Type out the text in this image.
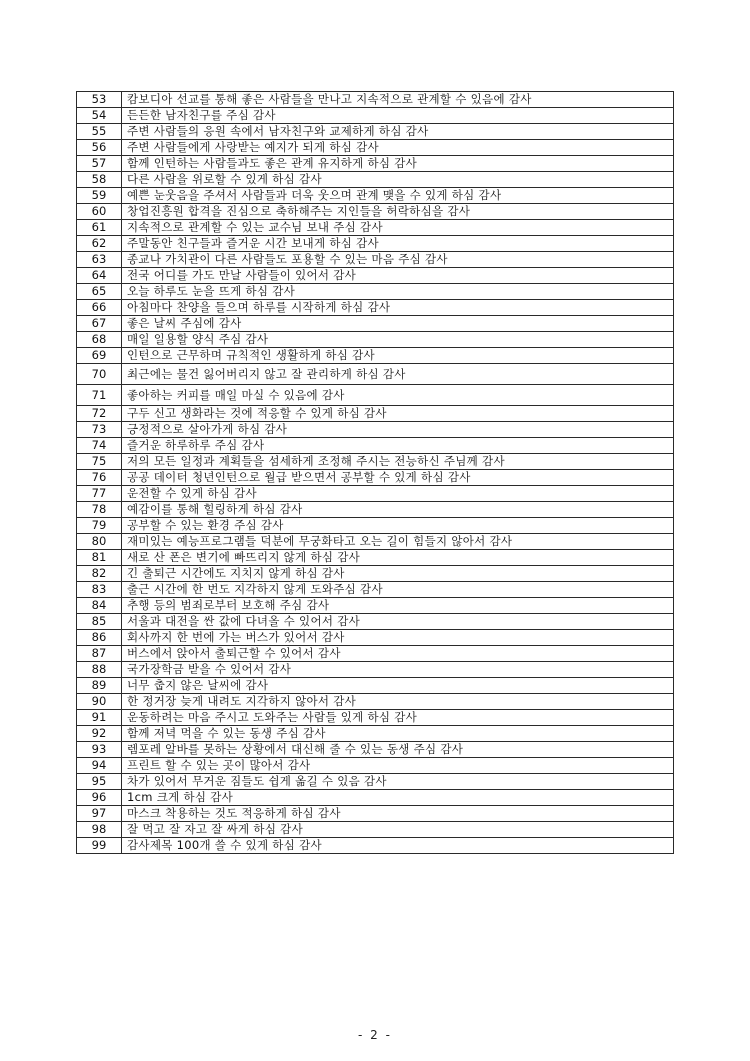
53	캄보디아 선교를 통해 좋은 사람들을 만나고 지속적으로 관계할 수 있음에 감사
54	든든한 남자친구를 주심 감사
55	주변 사람들의 응원 속에서 남자친구와 교제하게 하심 감사
56	주변 사람들에게 사랑받는 예지가 되게 하심 감사
57	함께 인턴하는 사람들과도 좋은 관계 유지하게 하심 감사
58	다른 사람을 위로할 수 있게 하심 감사
59	예쁜 눈웃음을 주셔서 사람들과 더욱 웃으며 관계 맺을 수 있게 하심 감사
60	창업진흥원 합격을 진심으로 축하해주는 지인들을 허락하심을 감사
61	지속적으로 관계할 수 있는 교수님 보내 주심 감사
62	주말동안 친구들과 즐거운 시간 보내게 하심 감사
63	종교나 가치관이 다른 사람들도 포용할 수 있는 마음 주심 감사
64	전국 어디를 가도 만날 사람들이 있어서 감사
65	오늘 하루도 눈을 뜨게 하심 감사
66	아침마다 찬양을 들으며 하루를 시작하게 하심 감사
67	좋은 날씨 주심에 감사
68	매일 일용할 양식 주심 감사
69	인턴으로 근무하며 규칙적인 생활하게 하심 감사
70	최근에는 물건 잃어버리지 않고 잘 관리하게 하심 감사
71	좋아하는 커피를 매일 마실 수 있음에 감사
72	구두 신고 생화라는 것에 적응할 수 있게 하심 감사
73	긍정적으로 살아가게 하심 감사
74	즐거운 하루하루 주심 감사
75	저의 모든 일정과 계획들을 섬세하게 조정해 주시는 전능하신 주님께 감사
76	공공 데이터 청년인턴으로 월급 받으면서 공부할 수 있게 하심 감사
77	운전할 수 있게 하심 감사
78	예감이를 통해 힐링하게 하심 감사
79	공부할 수 있는 환경 주심 감사
80	재미있는 예능프로그램들 덕분에 무궁화타고 오는 길이 힘들지 않아서 감사
81	새로 산 폰은 변기에 빠뜨리지 않게 하심 감사
82	긴 출퇴근 시간에도 지치지 않게 하심 감사
83	출근 시간에 한 번도 지각하지 않게 도와주심 감사
84	추행 등의 범죄로부터 보호해 주심 감사
85	서울과 대전을 싼 값에 다녀올 수 있어서 감사
86	회사까지 한 번에 가는 버스가 있어서 감사
87	버스에서 앉아서 출퇴근할 수 있어서 감사
88	국가장학금 받을 수 있어서 감사
89	너무 춥지 않은 날씨에 감사
90	한 정거장 늦게 내려도 지각하지 않아서 감사
91	운동하려는 마음 주시고 도와주는 사람들 있게 하심 감사
92	함께 저녁 먹을 수 있는 동생 주심 감사
93	렘포레 알바를 못하는 상황에서 대신해 줄 수 있는 동생 주심 감사
94	프린트 할 수 있는 곳이 많아서 감사
95	차가 있어서 무거운 짐들도 쉽게 옮길 수 있음 감사
96	1cm 크게 하심 감사
97	마스크 착용하는 것도 적응하게 하심 감사
98	잘 먹고 잘 자고 잘 싸게 하심 감사
99	감사제목 100개 쓸 수 있게 하심 감사
- 2 -
